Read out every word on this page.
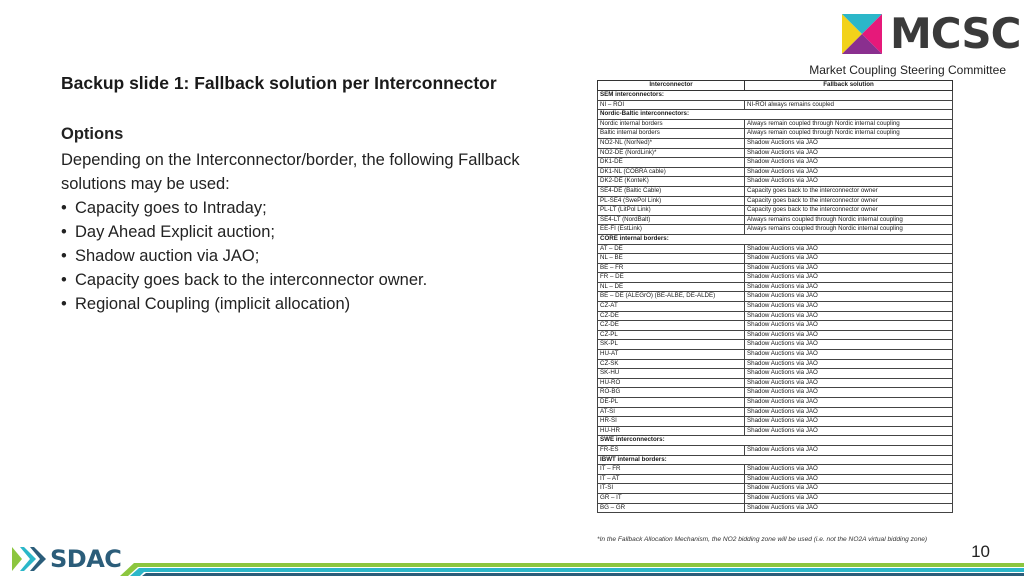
MCSC
Market Coupling Steering Committee
Backup slide 1: Fallback solution per Interconnector
Options
Depending on the Interconnector/border, the following Fallback solutions may be used:
• Capacity goes to Intraday;
• Day Ahead Explicit auction;
• Shadow auction via JAO;
• Capacity goes back to the interconnector owner.
• Regional Coupling (implicit allocation)
Interconnector	Fallback solution
SEM interconnectors:	
NI – ROI	NI-ROI always remains coupled
Nordic-Baltic interconnectors:	
Nordic internal borders	Always remain coupled through Nordic internal coupling
Baltic internal borders	Always remain coupled through Nordic internal coupling
NO2-NL (NorNed)*	Shadow Auctions via JAO
NO2-DE (NordLink)*	Shadow Auctions via JAO
DK1-DE	Shadow Auctions via JAO
DK1-NL (COBRA cable)	Shadow Auctions via JAO
DK2-DE (KonteK)	Shadow Auctions via JAO
SE4-DE (Baltic Cable)	Capacity goes back to the interconnector owner
PL-SE4 (SwePol Link)	Capacity goes back to the interconnector owner
PL-LT (LitPol Link)	Capacity goes back to the interconnector owner
SE4-LT (NordBalt)	Always remains coupled through Nordic internal coupling
EE-FI (EstLink)	Always remains coupled through Nordic internal coupling
CORE internal borders:	
AT – DE	Shadow Auctions via JAO
NL – BE	Shadow Auctions via JAO
BE – FR	Shadow Auctions via JAO
FR – DE	Shadow Auctions via JAO
NL – DE	Shadow Auctions via JAO
BE – DE (ALEGrO) (BE-ALBE, DE-ALDE)	Shadow Auctions via JAO
CZ-AT	Shadow Auctions via JAO
CZ-DE	Shadow Auctions via JAO
CZ-DE	Shadow Auctions via JAO
CZ-PL	Shadow Auctions via JAO
SK-PL	Shadow Auctions via JAO
HU-AT	Shadow Auctions via JAO
CZ-SK	Shadow Auctions via JAO
SK-HU	Shadow Auctions via JAO
HU-RO	Shadow Auctions via JAO
RO-BG	Shadow Auctions via JAO
DE-PL	Shadow Auctions via JAO
AT-SI	Shadow Auctions via JAO
HR-SI	Shadow Auctions via JAO
HU-HR	Shadow Auctions via JAO
SWE interconnectors:	
FR-ES	Shadow Auctions via JAO
IBWT internal borders:	
IT – FR	Shadow Auctions via JAO
IT – AT	Shadow Auctions via JAO
IT-SI	Shadow Auctions via JAO
GR – IT	Shadow Auctions via JAO
BG – GR	Shadow Auctions via JAO
*In the Fallback Allocation Mechanism, the NO2 bidding zone will be used (i.e. not the NO2A virtual bidding zone)
10
SDAC
